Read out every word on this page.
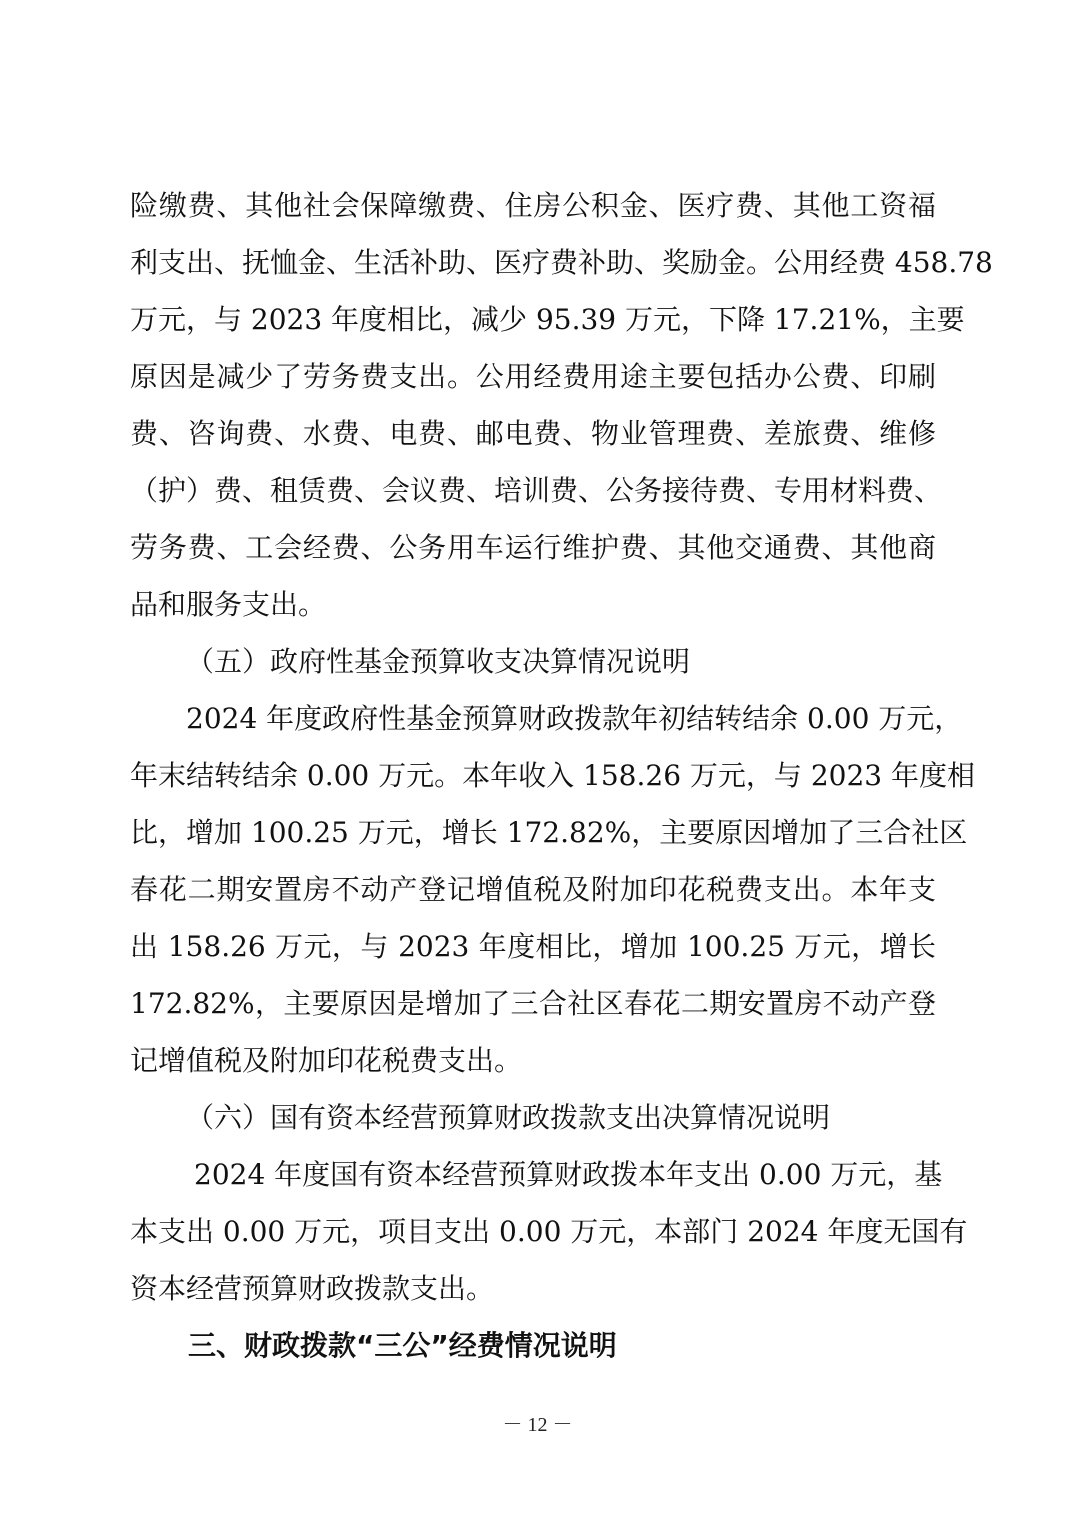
险缴费、其他社会保障缴费、住房公积金、医疗费、其他工资福
利支出、抚恤金、生活补助、医疗费补助、奖励金。公用经费 458.78
万元，与 2023 年度相比，减少 95.39 万元，下降 17.21%，主要
原因是减少了劳务费支出。公用经费用途主要包括办公费、印刷
费、咨询费、水费、电费、邮电费、物业管理费、差旅费、维修
（护）费、租赁费、会议费、培训费、公务接待费、专用材料费、
劳务费、工会经费、公务用车运行维护费、其他交通费、其他商
品和服务支出。
（五）政府性基金预算收支决算情况说明
2024 年度政府性基金预算财政拨款年初结转结余 0.00 万元，
年末结转结余 0.00 万元。本年收入 158.26 万元，与 2023 年度相
比，增加 100.25 万元，增长 172.82%，主要原因增加了三合社区
春花二期安置房不动产登记增值税及附加印花税费支出。本年支
出 158.26 万元，与 2023 年度相比，增加 100.25 万元，增长
172.82%，主要原因是增加了三合社区春花二期安置房不动产登
记增值税及附加印花税费支出。
（六）国有资本经营预算财政拨款支出决算情况说明
2024 年度国有资本经营预算财政拨本年支出 0.00 万元，基
本支出 0.00 万元，项目支出 0.00 万元，本部门 2024 年度无国有
资本经营预算财政拨款支出。
三、财政拨款“三公”经费情况说明
－ 12 －
